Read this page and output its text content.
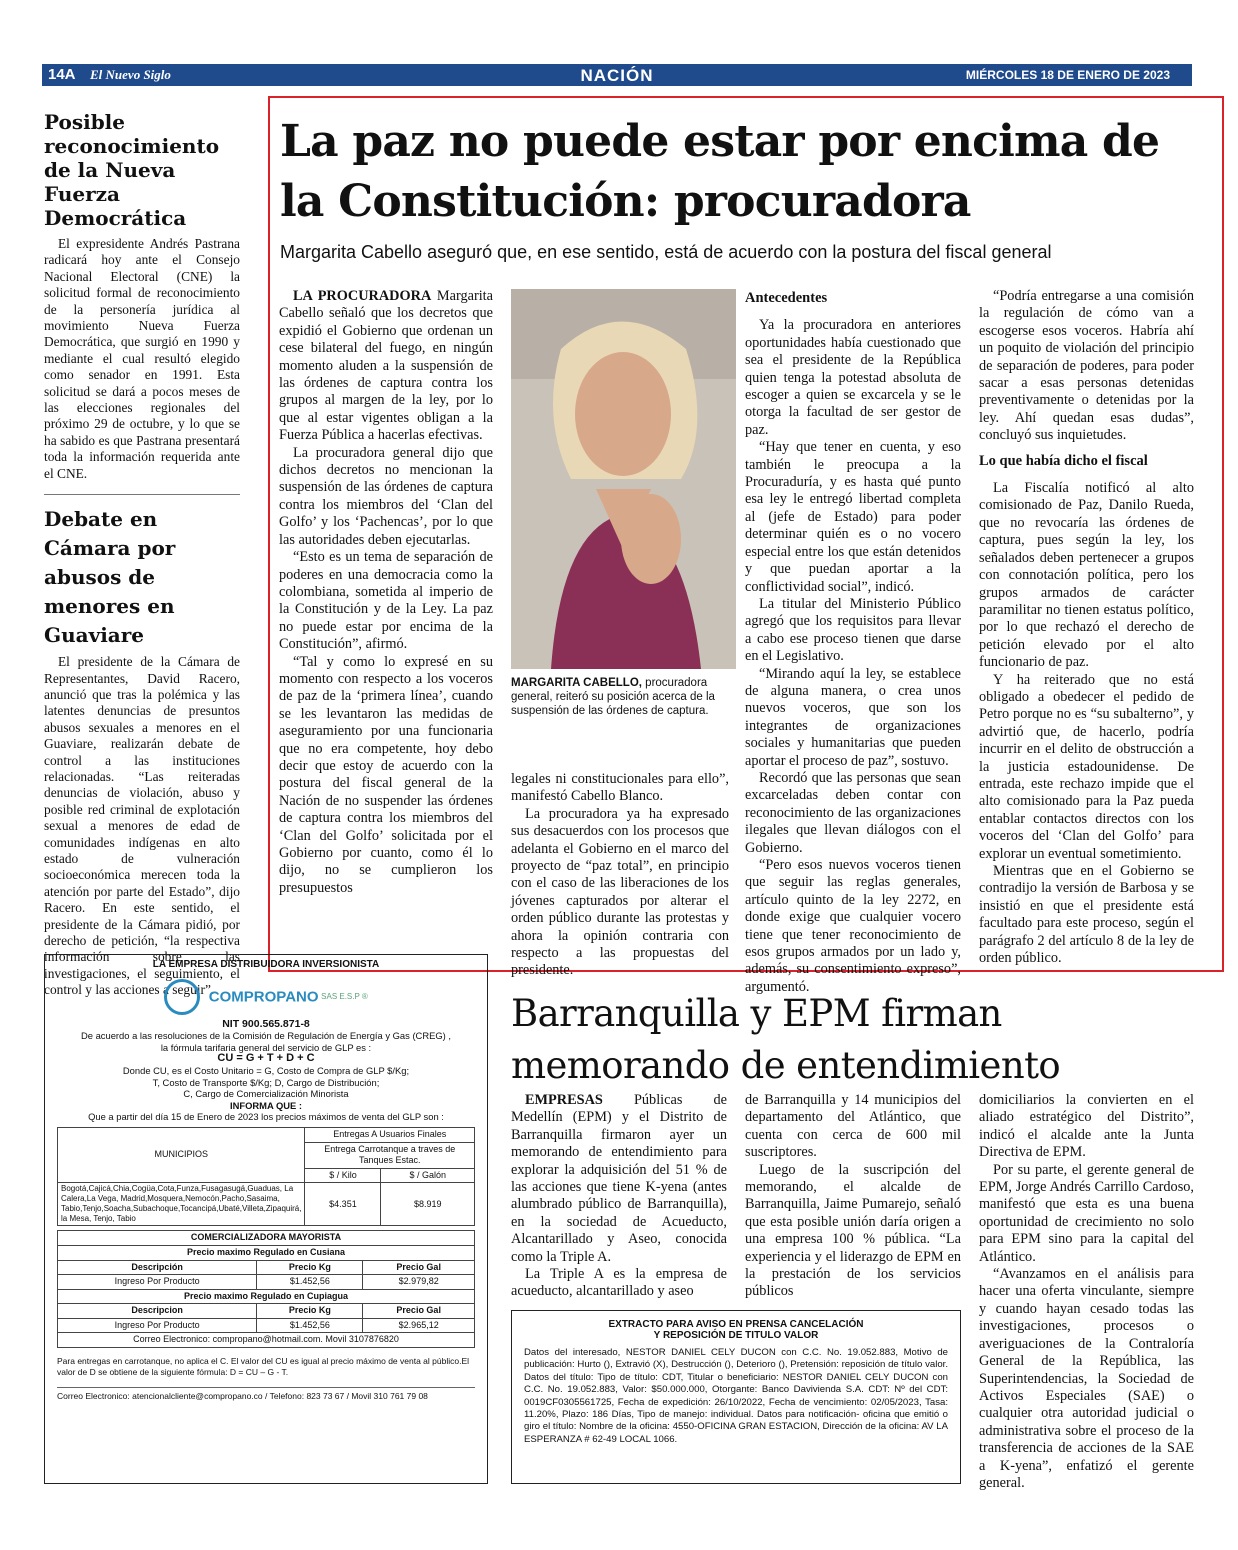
14A El Nuevo Siglo	NACIÓN	MIÉRCOLES 18 DE ENERO DE 2023
Posible reconocimiento de la Nueva Fuerza Democrática

El expresidente Andrés Pastrana radicará hoy ante el Consejo Nacional Electoral (CNE) la solicitud formal de reconocimiento de la personería jurídica al movimiento Nueva Fuerza Democrática, que surgió en 1990 y mediante el cual resultó elegido como senador en 1991. Esta solicitud se dará a pocos meses de las elecciones regionales del próximo 29 de octubre, y lo que se ha sabido es que Pastrana presentará toda la información requerida ante el CNE.

Debate en Cámara por abusos de menores en Guaviare

El presidente de la Cámara de Representantes, David Racero, anunció que tras la polémica y las latentes denuncias de presuntos abusos sexuales a menores en el Guaviare, realizarán debate de control a las instituciones relacionadas. “Las reiteradas denuncias de violación, abuso y posible red criminal de explotación sexual a menores de edad de comunidades indígenas en alto estado de vulneración socioeconómica merecen toda la atención por parte del Estado”, dijo Racero. En este sentido, el presidente de la Cámara pidió, por derecho de petición, “la respectiva información sobre las investigaciones, el seguimiento, el control y las acciones a seguir”.

La paz no puede estar por encima de la Constitución: procuradora
Margarita Cabello aseguró que, en ese sentido, está de acuerdo con la postura del fiscal general

LA PROCURADORA Margarita Cabello señaló que los decretos que expidió el Gobierno que ordenan un cese bilateral del fuego, en ningún momento aluden a la suspensión de las órdenes de captura contra los grupos al margen de la ley, por lo que al estar vigentes obligan a la Fuerza Pública a hacerlas efectivas.

La procuradora general dijo que dichos decretos no mencionan la suspensión de las órdenes de captura contra los miembros del ‘Clan del Golfo’ y los ‘Pachencas’, por lo que las autoridades deben ejecutarlas.

“Esto es un tema de separación de poderes en una democracia como la colombiana, sometida al imperio de la Constitución y de la Ley. La paz no puede estar por encima de la Constitución”, afirmó.

“Tal y como lo expresé en su momento con respecto a los voceros de paz de la ‘primera línea’, cuando se les levantaron las medidas de aseguramiento por una funcionaria que no era competente, hoy debo decir que estoy de acuerdo con la postura del fiscal general de la Nación de no suspender las órdenes de captura contra los miembros del ‘Clan del Golfo’ solicitada por el Gobierno por cuanto, como él lo dijo, no se cumplieron los presupuestos

MARGARITA CABELLO, procuradora general, reiteró su posición acerca de la suspensión de las órdenes de captura.

legales ni constitucionales para ello”, manifestó Cabello Blanco.

La procuradora ya ha expresado sus desacuerdos con los procesos que adelanta el Gobierno en el marco del proyecto de “paz total”, en principio con el caso de las liberaciones de los jóvenes capturados por alterar el orden público durante las protestas y ahora la opinión contraria con respecto a las propuestas del presidente.

Antecedentes

Ya la procuradora en anteriores oportunidades había cuestionado que sea el presidente de la República quien tenga la potestad absoluta de escoger a quien se excarcela y se le otorga la facultad de ser gestor de paz.

“Hay que tener en cuenta, y eso también le preocupa a la Procuraduría, y es hasta qué punto esa ley le entregó libertad completa al (jefe de Estado) para poder determinar quién es o no vocero especial entre los que están detenidos y que puedan aportar a la conflictividad social”, indicó.

La titular del Ministerio Público agregó que los requisitos para llevar a cabo ese proceso tienen que darse en el Legislativo.

“Mirando aquí la ley, se establece de alguna manera, o crea unos nuevos voceros, que son los integrantes de organizaciones sociales y humanitarias que pueden aportar el proceso de paz”, sostuvo.

Recordó que las personas que sean excarceladas deben contar con reconocimiento de las organizaciones ilegales que llevan diálogos con el Gobierno.

“Pero esos nuevos voceros tienen que seguir las reglas generales, artículo quinto de la ley 2272, en donde exige que cualquier vocero tiene que tener reconocimiento de esos grupos armados por un lado y, además, su consentimiento expreso”, argumentó.

“Podría entregarse a una comisión la regulación de cómo van a escogerse esos voceros. Habría ahí un poquito de violación del principio de separación de poderes, para poder sacar a esas personas detenidas preventivamente o detenidas por la ley. Ahí quedan esas dudas”, concluyó sus inquietudes.

Lo que había dicho el fiscal

La Fiscalía notificó al alto comisionado de Paz, Danilo Rueda, que no revocaría las órdenes de captura, pues según la ley, los señalados deben pertenecer a grupos con connotación política, pero los grupos armados de carácter paramilitar no tienen estatus político, por lo que rechazó el derecho de petición elevado por el alto funcionario de paz.

Y ha reiterado que no está obligado a obedecer el pedido de Petro porque no es “su subalterno”, y advirtió que, de hacerlo, podría incurrir en el delito de obstrucción a la justicia estadounidense. De entrada, este rechazo impide que el alto comisionado para la Paz pueda entablar contactos directos con los voceros del ‘Clan del Golfo’ para explorar un eventual sometimiento.

Mientras que en el Gobierno se contradijo la versión de Barbosa y se insistió en que el presidente está facultado para este proceso, según el parágrafo 2 del artículo 8 de la ley de orden público.

LA EMPRESA DISTRIBUIDORA INVERSIONISTA
COMPROPANO SAS E.S.P ®
NIT 900.565.871-8
De acuerdo a las resoluciones de la Comisión de Regulación de Energía y Gas (CREG) ,
la fórmula tarifaria general del servicio de GLP es :
CU = G + T + D + C
Donde CU, es el Costo Unitario = G, Costo de Compra de GLP $/Kg;
T, Costo de Transporte $/Kg; D, Cargo de Distribución;
C, Cargo de Comercialización Minorista
INFORMA QUE :
Que a partir del día 15 de Enero de 2023 los precios máximos de venta del GLP son :
MUNICIPIOS	Entregas A Usuarios Finales	
	Entrega Carrotanque a traves de Tanques Estac.	
	$ / Kilo	$ / Galón
Bogotá,Cajicá,Chia,Cogüa,Cota,Funza,Fusagasugá,Guaduas, La Calera,La Vega, Madrid,Mosquera,Nemocón,Pacho,Sasaima, Tabio,Tenjo,Soacha,Subachoque,Tocancipá,Ubaté,Villeta,Zipaquirá, la Mesa, Tenjo, Tabio	$4.351	$8.919
COMERCIALIZADORA MAYORISTA		
Precio maximo Regulado en Cusiana		
Descripción	Precio Kg	Precio Gal
Ingreso Por Producto	$1.452,56	$2.979,82
Precio maximo Regulado en Cupiagua		
Descripcion	Precio Kg	Precio Gal
Ingreso Por Producto	$1.452,56	$2.965,12
Correo Electronico: compropano@hotmail.com. Movil 3107876820		
Para entregas en carrotanque, no aplica el C. El valor del CU es igual al precio máximo de venta al público.El valor de D se obtiene de la siguiente fórmula: D = CU – G - T.
Correo Electronico: atencionalcliente@compropano.co / Telefono: 823 73 67 / Movil 310 761 79 08
Barranquilla y EPM firman memorando de entendimiento

EMPRESAS Públicas de Medellín (EPM) y el Distrito de Barranquilla firmaron ayer un memorando de entendimiento para explorar la adquisición del 51 % de las acciones que tiene K-yena (antes alumbrado público de Barranquilla), en la sociedad de Acueducto, Alcantarillado y Aseo, conocida como la Triple A.

La Triple A es la empresa de acueducto, alcantarillado y aseo

de Barranquilla y 14 municipios del departamento del Atlántico, que cuenta con cerca de 600 mil suscriptores.

Luego de la suscripción del memorando, el alcalde de Barranquilla, Jaime Pumarejo, señaló que esta posible unión daría origen a una empresa 100 % pública. “La experiencia y el liderazgo de EPM en la prestación de los servicios públicos

domiciliarios la convierten en el aliado estratégico del Distrito”, indicó el alcalde ante la Junta Directiva de EPM.

Por su parte, el gerente general de EPM, Jorge Andrés Carrillo Cardoso, manifestó que esta es una buena oportunidad de crecimiento no solo para EPM sino para la capital del Atlántico.

“Avanzamos en el análisis para hacer una oferta vinculante, siempre y cuando hayan cesado todas las investigaciones, procesos o averiguaciones de la Contraloría General de la República, las Superintendencias, la Sociedad de Activos Especiales (SAE) o cualquier otra autoridad judicial o administrativa sobre el proceso de la transferencia de acciones de la SAE a K-yena”, enfatizó el gerente general.

EXTRACTO PARA AVISO EN PRENSA CANCELACIÓN
Y REPOSICIÓN DE TITULO VALOR
Datos del interesado, NESTOR DANIEL CELY DUCON con C.C. No. 19.052.883, Motivo de publicación: Hurto (), Extravió (X), Destrucción (), Deterioro (), Pretensión: reposición de título valor. Datos del título: Tipo de título: CDT, Titular o beneficiario: NESTOR DANIEL CELY DUCON con C.C. No. 19.052.883, Valor: $50.000.000, Otorgante: Banco Davivienda S.A. CDT: Nº del CDT: 0019CF0305561725, Fecha de expedición: 26/10/2022, Fecha de vencimiento: 02/05/2023, Tasa: 11.20%, Plazo: 186 Días, Tipo de manejo: individual. Datos para notificación- oficina que emitió o giro el título: Nombre de la oficina: 4550-OFICINA GRAN ESTACION, Dirección de la oficina: AV LA ESPERANZA # 62-49 LOCAL 1066.
